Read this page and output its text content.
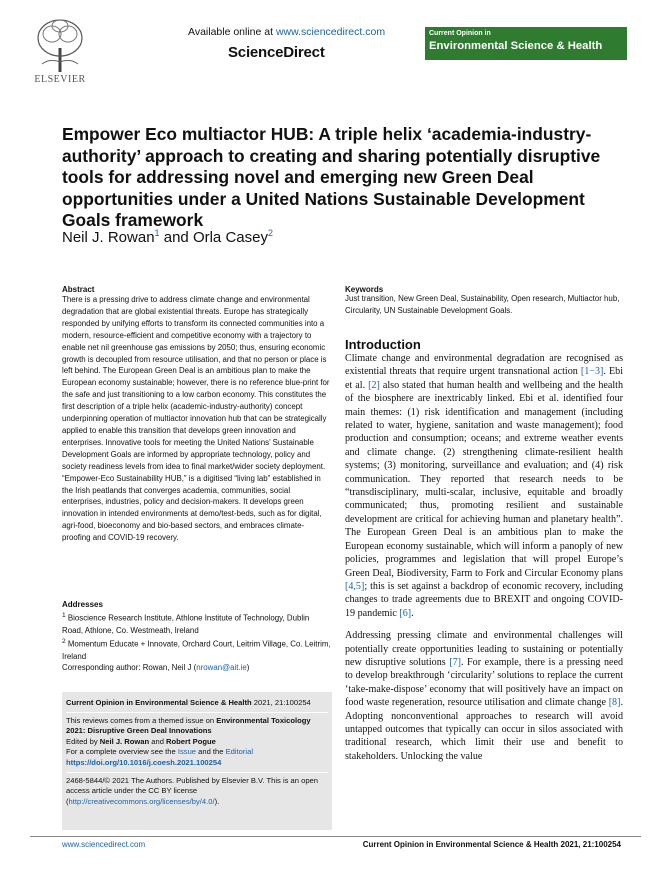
ELSEVIER
Available online at www.sciencedirect.com
ScienceDirect
Current Opinion in
Environmental Science & Health
Empower Eco multiactor HUB: A triple helix ‘academia-industry-authority’ approach to creating and sharing potentially disruptive tools for addressing novel and emerging new Green Deal opportunities under a United Nations Sustainable Development Goals framework
Neil J. Rowan$^1$ and Orla Casey$^2$
Abstract
There is a pressing drive to address climate change and environmental degradation that are global existential threats. Europe has strategically responded by unifying efforts to transform its connected communities into a modern, resource-efficient and competitive economy with a trajectory to enable net nil greenhouse gas emissions by 2050; thus, ensuring economic growth is decoupled from resource utilisation, and that no person or place is left behind. The European Green Deal is an ambitious plan to make the European economy sustainable; however, there is no reference blue-print for the safe and just transitioning to a low carbon economy. This constitutes the first description of a triple helix (academic-industry-authority) concept underpinning operation of multiactor innovation hub that can be strategically applied to enable this transition that develops green innovation and enterprises. Innovative tools for meeting the United Nations’ Sustainable Development Goals are informed by appropriate technology, policy and society readiness levels from idea to final market/wider society deployment. “Empower-Eco Sustainability HUB,” is a digitised “living lab” established in the Irish peatlands that converges academia, communities, social enterprises, industries, policy and decision-makers. It develops green innovation in intended environments at demo/test-beds, such as for digital, agri-food, bioeconomy and bio-based sectors, and embraces climate-proofing and COVID-19 recovery.
Addresses
$^1$ Bioscience Research Institute, Athlone Institute of Technology, Dublin Road, Athlone, Co. Westmeath, Ireland
$^2$ Momentum Educate + Innovate, Orchard Court, Leitrim Village, Co. Leitrim, Ireland
Corresponding author: Rowan, Neil J (nrowan@ait.ie)
Current Opinion in Environmental Science & Health 2021, 21:100254
This reviews comes from a themed issue on Environmental Toxicology 2021: Disruptive Green Deal Innovations
Edited by Neil J. Rowan and Robert Pogue
For a complete overview see the Issue and the Editorial
https://doi.org/10.1016/j.coesh.2021.100254
2468-5844/© 2021 The Authors. Published by Elsevier B.V. This is an open access article under the CC BY license (http://creativecommons.org/licenses/by/4.0/).
Keywords
Just transition, New Green Deal, Sustainability, Open research, Multiactor hub, Circularity, UN Sustainable Development Goals.
Introduction

Climate change and environmental degradation are recognised as existential threats that require urgent transnational action [1−3]. Ebi et al. [2] also stated that human health and wellbeing and the health of the biosphere are inextricably linked. Ebi et al. identified four main themes: (1) risk identification and management (including related to water, hygiene, sanitation and waste management); food production and consumption; oceans; and extreme weather events and climate change. (2) strengthening climate-resilient health systems; (3) monitoring, surveillance and evaluation; and (4) risk communication. They reported that research needs to be “transdisciplinary, multi-scalar, inclusive, equitable and broadly communicated; thus, promoting resilient and sustainable development are critical for achieving human and planetary health”. The European Green Deal is an ambitious plan to make the European economy sustainable, which will inform a panoply of new policies, programmes and legislation that will propel Europe’s Green Deal, Biodiversity, Farm to Fork and Circular Economy plans [4,5]; this is set against a backdrop of economic recovery, including changes to trade agreements due to BREXIT and ongoing COVID-19 pandemic [6].

Addressing pressing climate and environmental challenges will potentially create opportunities leading to sustaining or potentially new disruptive solutions [7]. For example, there is a pressing need to develop breakthrough ‘circularity’ solutions to replace the current ‘take-make-dispose’ economy that will positively have an impact on food waste regeneration, resource utilisation and climate change [8]. Adopting nonconventional approaches to research will avoid untapped outcomes that typically can occur in silos associated with traditional research, which limit their use and benefit to stakeholders. Unlocking the value

www.sciencedirect.com	Current Opinion in Environmental Science & Health 2021, 21:100254
